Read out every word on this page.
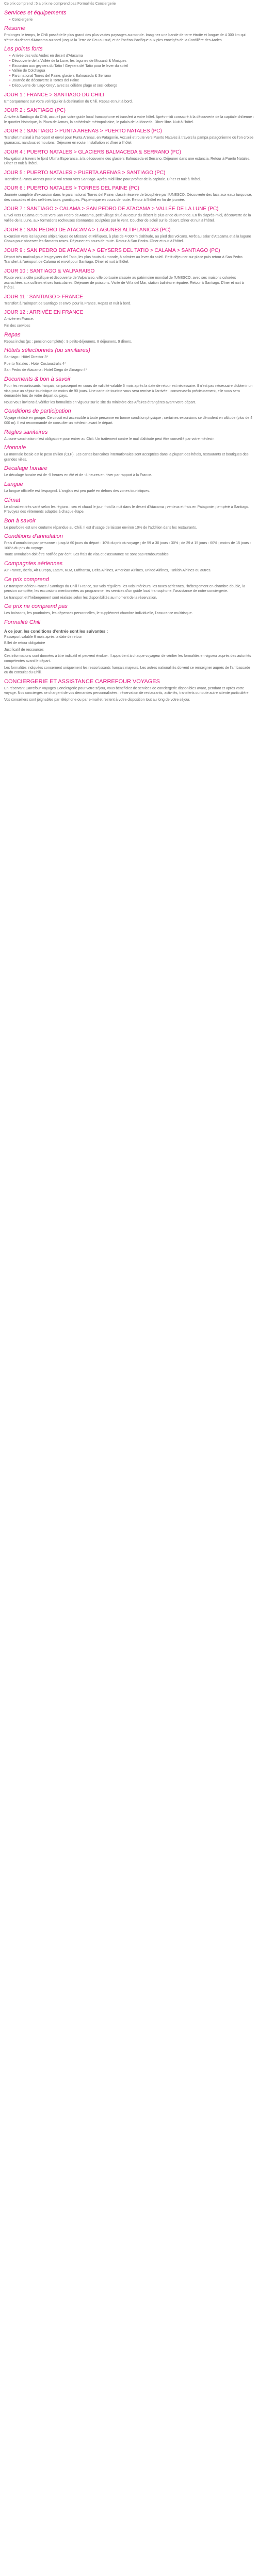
Ce prix comprend : 5 a prix ne comprend pas Formalités Conciergerie

Services et équipements
• Conciergerie
Résumé

Prolongez le temps, le Chili possède le plus grand des plus vastes paysages au monde. Imaginez une bande de terre étroite et longue de 4 300 km qui s'étire du désert d'Atacama au nord jusqu'à la Terre de Feu au sud, et de l'océan Pacifique aux pics enneigés de la Cordillère des Andes.

Les points forts
• Arrivée des vols Andes en désert d'Atacama
• Découverte de la Vallée de la Lune, les lagunes de Miscanti & Miniques
• Excursion aux geysers du Tatio / Geysers del Tatio pour le lever du soleil
• Vallée de Colchagua
• Parc national Torres del Paine, glaciers Balmaceda & Serrano
• Journée de découverte à Torres del Paine
• Découverte de 'Lago Grey', avec sa célèbre plage et ses icebergs
JOUR 1 : FRANCE > SANTIAGO DU CHILI

Embarquement sur votre vol régulier à destination du Chili. Repas et nuit à bord.

JOUR 2 : SANTIAGO (PC)

Arrivée à Santiago du Chili, accueil par votre guide local francophone et transfert à votre hôtel. Après-midi consacré à la découverte de la capitale chilienne : le quartier historique, la Plaza de Armas, la cathédrale métropolitaine, le palais de la Moneda. Dîner libre. Nuit à l'hôtel.

JOUR 3 : SANTIAGO > PUNTA ARENAS > PUERTO NATALES (PC)

Transfert matinal à l'aéroport et envol pour Punta Arenas, en Patagonie. Accueil et route vers Puerto Natales à travers la pampa patagonienne où l'on croise guanacos, nandous et moutons. Déjeuner en route. Installation et dîner à l'hôtel.

JOUR 4 : PUERTO NATALES > GLACIERS BALMACEDA & SERRANO (PC)

Navigation à travers le fjord Ultima Esperanza, à la découverte des glaciers Balmaceda et Serrano. Déjeuner dans une estancia. Retour à Puerto Natales. Dîner et nuit à l'hôtel.

JOUR 5 : PUERTO NATALES > PUERTA ARENAS > SANTIAGO (PC)

Transfert à Punta Arenas pour le vol retour vers Santiago. Après-midi libre pour profiter de la capitale. Dîner et nuit à l'hôtel.

JOUR 6 : PUERTO NATALES > TORRES DEL PAINE (PC)

Journée complète d'excursion dans le parc national Torres del Paine, classé réserve de biosphère par l'UNESCO. Découverte des lacs aux eaux turquoise, des cascades et des célèbres tours granitiques. Pique-nique en cours de route. Retour à l'hôtel en fin de journée.

JOUR 7 : SANTIAGO > CALAMA > SAN PEDRO DE ATACAMA > VALLÉE DE LA LUNE (PC)

Envol vers Calama et route vers San Pedro de Atacama, petit village situé au cœur du désert le plus aride du monde. En fin d'après-midi, découverte de la vallée de la Lune, aux formations rocheuses étonnantes sculptées par le vent. Coucher de soleil sur le désert. Dîner et nuit à l'hôtel.

JOUR 8 : SAN PEDRO DE ATACAMA > LAGUNES ALTIPLANICAS (PC)

Excursion vers les lagunes altiplaniques de Miscanti et Miñiques, à plus de 4 000 m d'altitude, au pied des volcans. Arrêt au salar d'Atacama et à la lagune Chaxa pour observer les flamants roses. Déjeuner en cours de route. Retour à San Pedro. Dîner et nuit à l'hôtel.

JOUR 9 : SAN PEDRO DE ATACAMA > GEYSERS DEL TATIO > CALAMA > SANTIAGO (PC)

Départ très matinal pour les geysers del Tatio, les plus hauts du monde, à admirer au lever du soleil. Petit-déjeuner sur place puis retour à San Pedro. Transfert à l'aéroport de Calama et envol pour Santiago. Dîner et nuit à l'hôtel.

JOUR 10 : SANTIAGO & VALPARAISO

Route vers la côte pacifique et découverte de Valparaiso, ville portuaire classée au patrimoine mondial de l'UNESCO, avec ses maisons colorées accrochées aux collines et ses funiculaires. Déjeuner de poissons. Visite de Viña del Mar, station balnéaire réputée. Retour à Santiago. Dîner et nuit à l'hôtel.

JOUR 11 : SANTIAGO > FRANCE

Transfert à l'aéroport de Santiago et envol pour la France. Repas et nuit à bord.

JOUR 12 : ARRIVÉE EN FRANCE

Arrivée en France.

Fin des services

Repas

Repas inclus (pc : pension complète) : 9 petits-déjeuners, 8 déjeuners, 9 dîners.

Hôtels sélectionnés (ou similaires)

Santiago : Hôtel Director 3*

Puerto Natales : Hotel Costaustralis 4*

San Pedro de Atacama : Hotel Diego de Almagro 4*

Documents & bon à savoir

Pour les ressortissants français, un passeport en cours de validité valable 6 mois après la date de retour est nécessaire. Il n'est pas nécessaire d'obtenir un visa pour un séjour touristique de moins de 90 jours. Une carte de touriste vous sera remise à l'arrivée : conservez-la précieusement, elle vous sera demandée lors de votre départ du pays.

Nous vous invitons à vérifier les formalités en vigueur sur le site du ministère des Affaires étrangères avant votre départ.

Conditions de participation

Voyage réalisé en groupe. Ce circuit est accessible à toute personne en bonne condition physique ; certaines excursions se déroulent en altitude (plus de 4 000 m). Il est recommandé de consulter un médecin avant le départ.

Règles sanitaires

Aucune vaccination n'est obligatoire pour entrer au Chili. Un traitement contre le mal d'altitude peut être conseillé par votre médecin.

Monnaie

La monnaie locale est le peso chilien (CLP). Les cartes bancaires internationales sont acceptées dans la plupart des hôtels, restaurants et boutiques des grandes villes.

Décalage horaire

Le décalage horaire est de -5 heures en été et de -4 heures en hiver par rapport à la France.

Langue

La langue officielle est l'espagnol. L'anglais est peu parlé en dehors des zones touristiques.

Climat

Le climat est très varié selon les régions : sec et chaud le jour, froid la nuit dans le désert d'Atacama ; venteux et frais en Patagonie ; tempéré à Santiago. Prévoyez des vêtements adaptés à chaque étape.

Bon à savoir

Le pourboire est une coutume répandue au Chili. Il est d'usage de laisser environ 10% de l'addition dans les restaurants.

Conditions d'annulation

Frais d'annulation par personne : jusqu'à 60 jours du départ : 10% du prix du voyage ; de 59 à 30 jours : 30% ; de 29 à 15 jours : 60% ; moins de 15 jours : 100% du prix du voyage.

Toute annulation doit être notifiée par écrit. Les frais de visa et d'assurance ne sont pas remboursables.

Compagnies aériennes

Air France, Iberia, Air Europa, Latam, KLM, Lufthansa, Delta Airlines, American Airlines, United Airlines, Turkish Airlines ou autres.

Ce prix comprend

Le transport aérien France / Santiago du Chili / France, sur vols réguliers, les vols intérieurs, les taxes aériennes, l'hébergement en chambre double, la pension complète, les excursions mentionnées au programme, les services d'un guide local francophone, l'assistance de notre conciergerie.

Le transport et l'hébergement sont réalisés selon les disponibilités au moment de la réservation.

Ce prix ne comprend pas

Les boissons, les pourboires, les dépenses personnelles, le supplément chambre individuelle, l'assurance multirisque.

Formalité Chili
A ce jour, les conditions d'entrée sont les suivantes :

Passeport valable 6 mois après la date de retour

Billet de retour obligatoire

Justificatif de ressources

Ces informations sont données à titre indicatif et peuvent évoluer. Il appartient à chaque voyageur de vérifier les formalités en vigueur auprès des autorités compétentes avant le départ.

Les formalités indiquées concernent uniquement les ressortissants français majeurs. Les autres nationalités doivent se renseigner auprès de l'ambassade ou du consulat du Chili.

CONCIERGERIE ET ASSISTANCE CARREFOUR VOYAGES

En réservant Carrefour Voyages Conciergerie pour votre séjour, vous bénéficiez de services de conciergerie disponibles avant, pendant et après votre voyage. Nos concierges se chargent de vos demandes personnalisées : réservation de restaurants, activités, transferts ou toute autre attente particulière.

Vos conseillers sont joignables par téléphone ou par e-mail et restent à votre disposition tout au long de votre séjour.
